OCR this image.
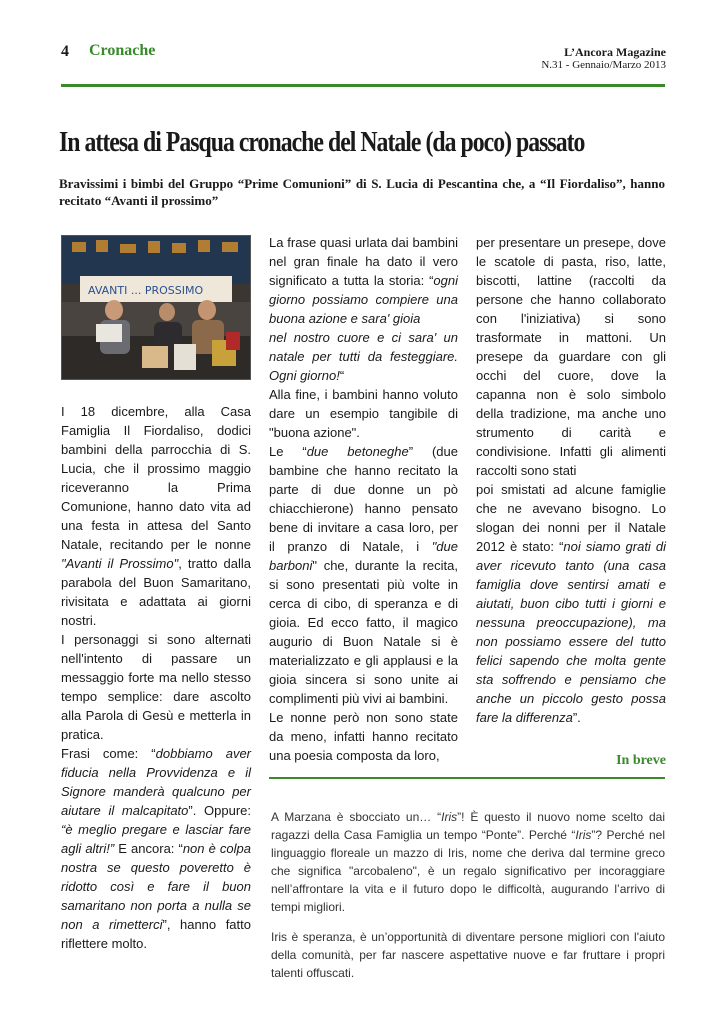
4 Cronache	L’Ancora Magazine
N.31 - Gennaio/Marzo 2013
In attesa di Pasqua cronache del Natale (da poco) passato

Bravissimi i bimbi del Gruppo “Prime Comunioni” di S. Lucia di Pescantina che, a “Il Fiordaliso”, hanno recitato “Avanti il prossimo”

AVANTI ... PROSSIMO

I 18 dicembre, alla Casa Famiglia Il Fiordaliso, dodici bambini della parrocchia di S. Lucia, che il prossimo maggio riceveranno la Prima Comunione, hanno dato vita ad una festa in attesa del Santo Natale, recitando per le nonne "Avanti il Prossimo", tratto dalla parabola del Buon Samaritano, rivisitata e adattata ai giorni nostri.

I personaggi si sono alternati nell'intento di passare un messaggio forte ma nello stesso tempo semplice: dare ascolto alla Parola di Gesù e metterla in pratica.

Frasi come: “dobbiamo aver fiducia nella Provvidenza e il Signore manderà qualcuno per aiutare il malcapitato”. Oppure: “è meglio pregare e lasciar fare agli altri!” E ancora: “non è colpa nostra se questo poveretto è ridotto così e fare il buon samaritano non porta a nulla se non a rimetterci”, hanno fatto riflettere molto.

La frase quasi urlata dai bambini nel gran finale ha dato il vero significato a tutta la storia: “ogni giorno possiamo compiere una buona azione e sara' gioia

nel nostro cuore e ci sara' un natale per tutti da festeggiare. Ogni giorno!“

Alla fine, i bambini hanno voluto dare un esempio tangibile di "buona azione".

Le “due betoneghe” (due bambine che hanno recitato la parte di due donne un pò chiacchierone) hanno pensato bene di invitare a casa loro, per il pranzo di Natale, i "due barboni" che, durante la recita, si sono presentati più volte in cerca di cibo, di speranza e di gioia. Ed ecco fatto, il magico augurio di Buon Natale si è materializzato e gli applausi e la gioia sincera si sono unite ai complimenti più vivi ai bambini.

Le nonne però non sono state da meno, infatti hanno recitato una poesia composta da loro,

per presentare un presepe, dove le scatole di pasta, riso, latte, biscotti, lattine (raccolti da persone che hanno collaborato con l'iniziativa) si sono trasformate in mattoni. Un presepe da guardare con gli occhi del cuore, dove la capanna non è solo simbolo della tradizione, ma anche uno strumento di carità e condivisione. Infatti gli alimenti raccolti sono stati

poi smistati ad alcune famiglie che ne avevano bisogno. Lo slogan dei nonni per il Natale 2012 è stato: “noi siamo grati di aver ricevuto tanto (una casa famiglia dove sentirsi amati e aiutati, buon cibo tutti i giorni e nessuna preoccupazione), ma non possiamo essere del tutto felici sapendo che molta gente sta soffrendo e pensiamo che anche un piccolo gesto possa fare la differenza”.

In breve

A Marzana è sbocciato un… “Iris”! È questo il nuovo nome scelto dai ragazzi della Casa Famiglia un tempo “Ponte”. Perché “Iris”? Perché nel linguaggio floreale un mazzo di Iris, nome che deriva dal termine greco che significa "arcobaleno", è un regalo significativo per incoraggiare nell’affrontare la vita e il futuro dopo le difficoltà, augurando l’arrivo di tempi migliori.

Iris è speranza, è un’opportunità di diventare persone migliori con l'aiuto della comunità, per far nascere aspettative nuove e far fruttare i propri talenti offuscati.
